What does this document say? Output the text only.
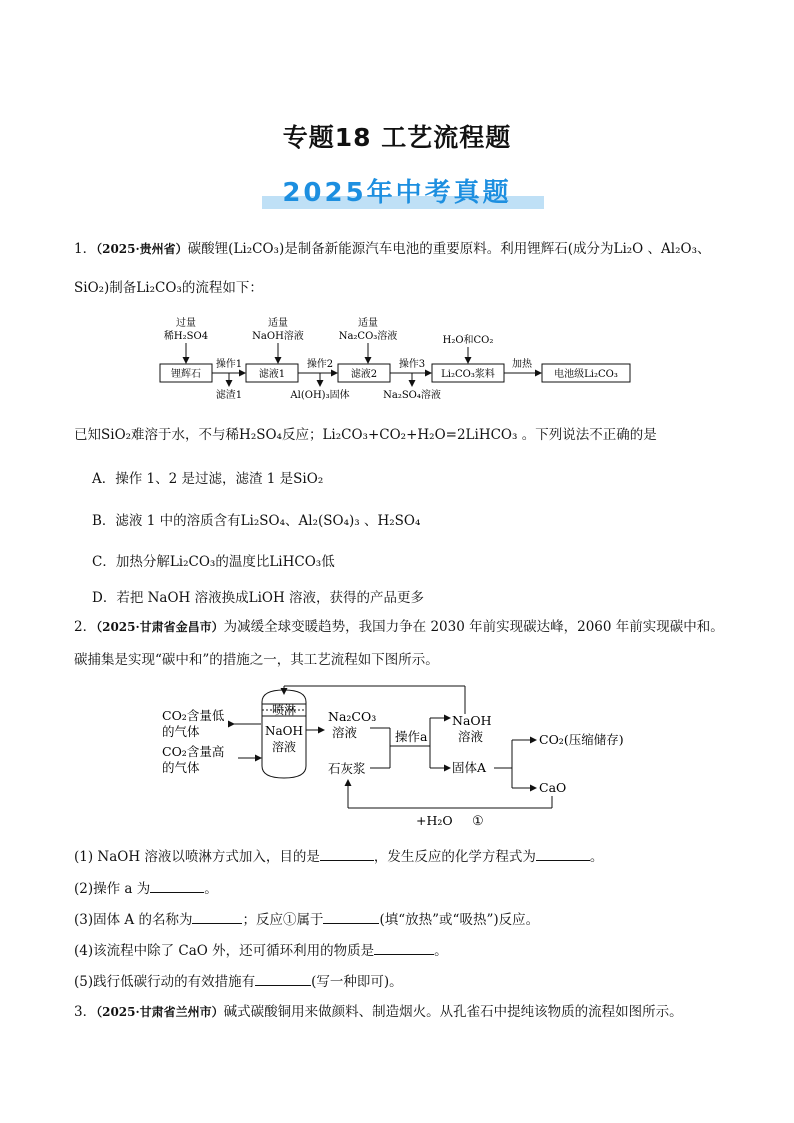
专题18 工艺流程题
2025年中考真题
1．（2025·贵州省）碳酸锂(Li₂CO₃)是制备新能源汽车电池的重要原料。利用锂辉石(成分为Li₂O 、Al₂O₃、
SiO₂)制备Li₂CO₃的流程如下：
锂辉石	滤液1	滤液2	Li₂CO₃浆料	电池级Li₂CO₃
操作1	操作2	操作3	加热
过量
稀H₂SO4
适量
NaOH溶液
适量
Na₂CO₃溶液	H₂O和CO₂
滤渣1	Al(OH)₃固体	Na₂SO₄溶液
已知SiO₂难溶于水，不与稀H₂SO₄反应；Li₂CO₃+CO₂+H₂O=2LiHCO₃ 。下列说法不正确的是
A．操作 1、2 是过滤，滤渣 1 是SiO₂
B．滤液 1 中的溶质含有Li₂SO₄、Al₂(SO₄)₃ 、H₂SO₄
C．加热分解Li₂CO₃的温度比LiHCO₃低
D．若把 NaOH 溶液换成LiOH 溶液，获得的产品更多
2．（2025·甘肃省金昌市）为减缓全球变暖趋势，我国力争在 2030 年前实现碳达峰，2060 年前实现碳中和。
碳捕集是实现“碳中和”的措施之一，其工艺流程如下图所示。
喷淋
NaOH
溶液
CO₂含量低
的气体
CO₂含量高
的气体
Na₂CO₃
溶液
石灰浆
操作a
NaOH
溶液
固体A
CO₂(压缩储存)
CaO
+H₂O ①
(1) NaOH 溶液以喷淋方式加入，目的是	，发生反应的化学方程式为	。
(2)操作 a 为	。
(3)固体 A 的名称为	；反应①属于	(填“放热”或“吸热”)反应。
(4)该流程中除了 CaO 外，还可循环利用的物质是	。
(5)践行低碳行动的有效措施有	(写一种即可)。
3．（2025·甘肃省兰州市）碱式碳酸铜用来做颜料、制造烟火。从孔雀石中提纯该物质的流程如图所示。
